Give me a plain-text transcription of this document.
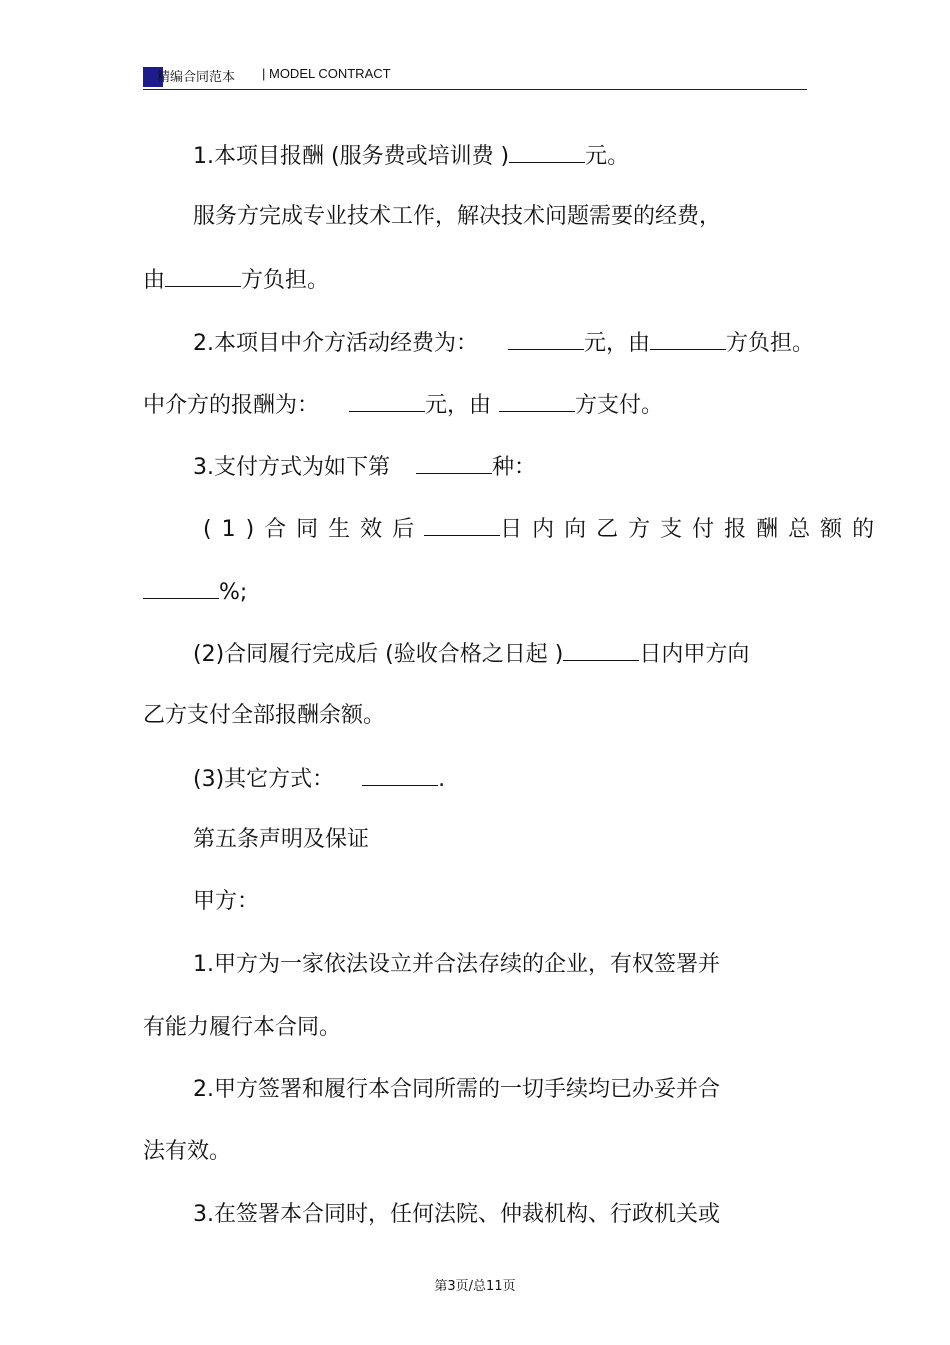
精编合同范本 | MODEL CONTRACT
1.本项目报酬 (服务费或培训费 )	元。
服务方完成专业技术工作，解决技术问题需要的经费，
由	方负担。
2.本项目中介方活动经费为：	元，由	方负担。
中介方的报酬为：	元，由	方支付。
3.支付方式为如下第	种：
(1)合同生效后	日内向乙方支付报酬总额的
%;
(2)合同履行完成后 (验收合格之日起 )	日内甲方向
乙方支付全部报酬余额。
(3)其它方式：	.
第五条声明及保证
甲方：
1.甲方为一家依法设立并合法存续的企业，有权签署并
有能力履行本合同。
2.甲方签署和履行本合同所需的一切手续均已办妥并合
法有效。
3.在签署本合同时，任何法院、仲裁机构、行政机关或
第3页/总11页
